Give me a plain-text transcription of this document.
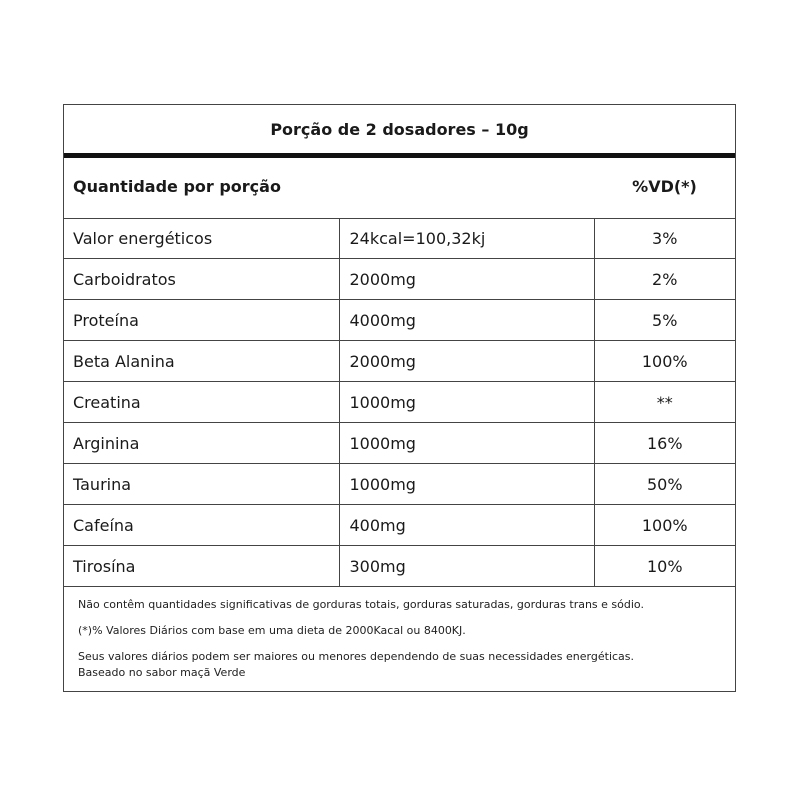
Porção de 2 dosadores – 10g
Quantidade por porção	%VD(*)
Valor energéticos	24kcal=100,32kj	3%
Carboidratos	2000mg	2%
Proteína	4000mg	5%
Beta Alanina	2000mg	100%
Creatina	1000mg	**
Arginina	1000mg	16%
Taurina	1000mg	50%
Cafeína	400mg	100%
Tirosína	300mg	10%

Não contêm quantidades significativas de gorduras totais, gorduras saturadas, gorduras trans e sódio.

(*)% Valores Diários com base em uma dieta de 2000Kacal ou 8400KJ.

Seus valores diários podem ser maiores ou menores dependendo de suas necessidades energéticas.

Baseado no sabor maçã Verde
